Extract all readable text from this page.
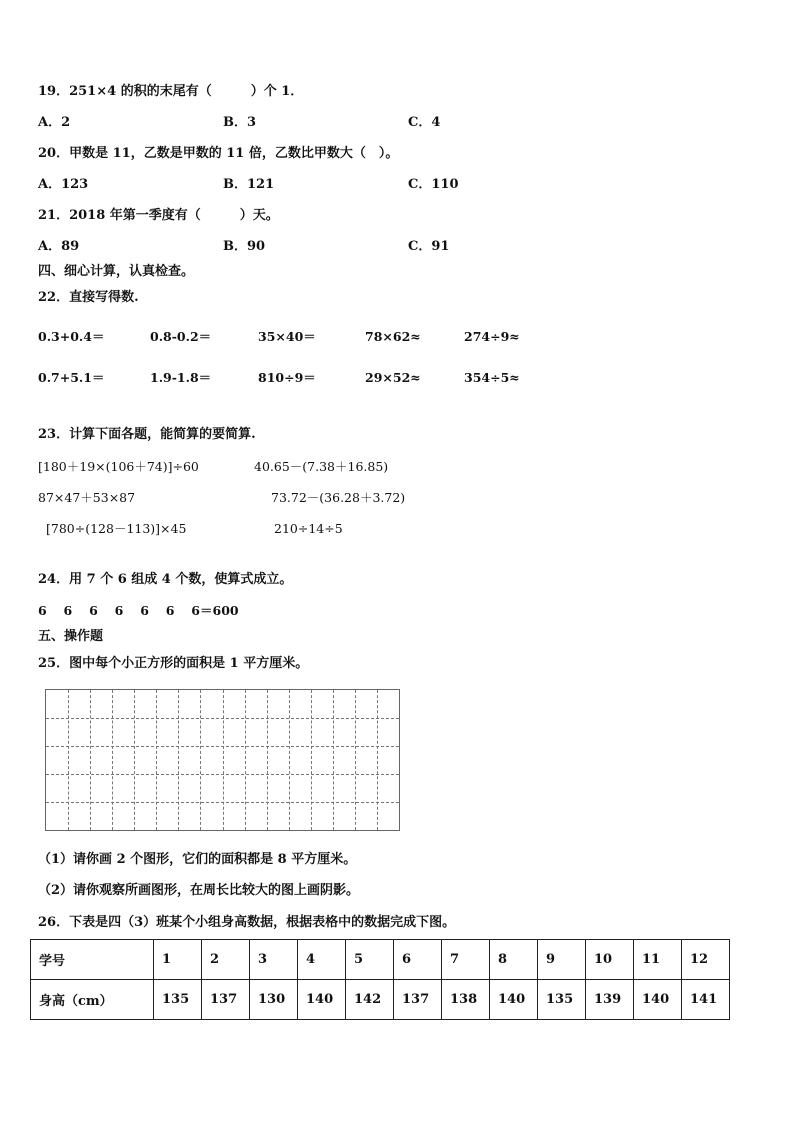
19．251×4 的积的末尾有（　　　）个 1．
A．2	B．3	C．4
20．甲数是 11，乙数是甲数的 11 倍，乙数比甲数大（　）。
A．123	B．121	C．110
21．2018 年第一季度有（　　　）天。
A．89	B．90	C．91
四、细心计算，认真检查。
22．直接写得数.
0.3+0.4＝	0.8-0.2＝	35×40＝	78×62≈	274÷9≈
0.7+5.1＝	1.9-1.8＝	810÷9＝	29×52≈	354÷5≈
23．计算下面各题，能简算的要简算.
[180＋19×(106＋74)]÷60	40.65－(7.38＋16.85)
87×47＋53×87	73.72－(36.28＋3.72)
[780÷(128－113)]×45	210÷14÷5
24．用 7 个 6 组成 4 个数，使算式成立。
6　 6　 6　 6　 6　 6　 6＝600
五、操作题
25．图中每个小正方形的面积是 1 平方厘米。
（1）请你画 2 个图形，它们的面积都是 8 平方厘米。
（2）请你观察所画图形，在周长比较大的图上画阴影。
26．下表是四（3）班某个小组身高数据，根据表格中的数据完成下图。
学号	1	2	3	4	5	6	7	8	9	10	11	12
身高（cm）	135	137	130	140	142	137	138	140	135	139	140	141
